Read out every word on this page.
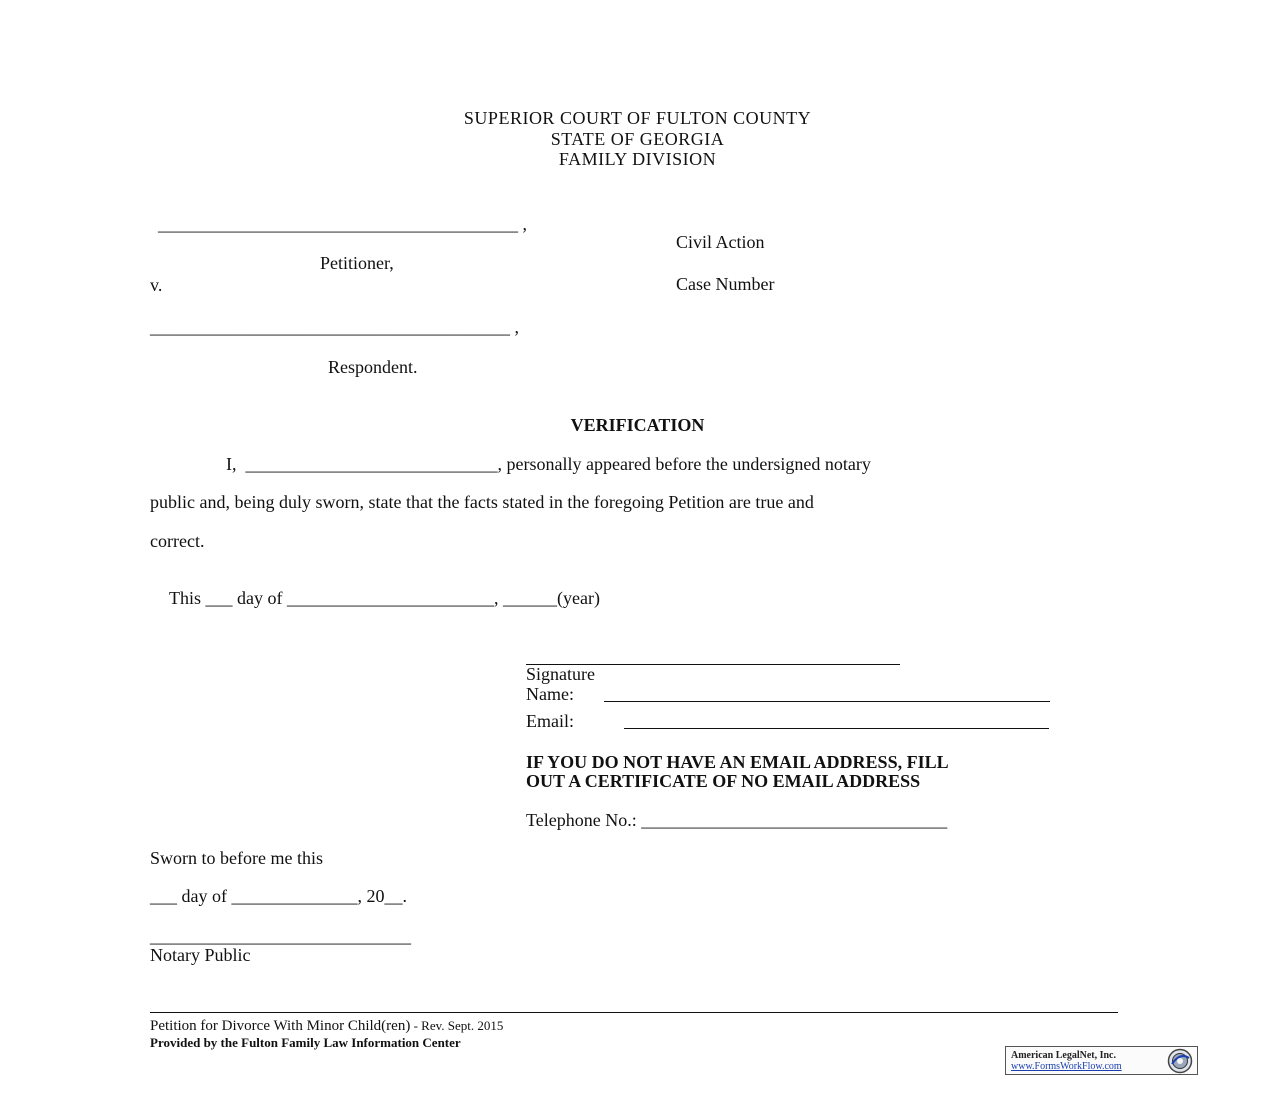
SUPERIOR COURT OF FULTON COUNTY
STATE OF GEORGIA
FAMILY DIVISION
________________________________________ ,
Petitioner,
v.
________________________________________ ,
Respondent.
Civil Action
Case Number
VERIFICATION
I, ____________________________, personally appeared before the undersigned notary
public and, being duly sworn, state that the facts stated in the foregoing Petition are true and
correct.
This ___ day of _______________________, ______(year)
Signature
Name:
Email:
IF YOU DO NOT HAVE AN EMAIL ADDRESS, FILL
OUT A CERTIFICATE OF NO EMAIL ADDRESS
Telephone No.: __________________________________
Sworn to before me this
___ day of ______________, 20__.
_____________________________
Notary Public
Petition for Divorce With Minor Child(ren) - Rev. Sept. 2015
Provided by the Fulton Family Law Information Center
American LegalNet, Inc.
www.FormsWorkFlow.com
